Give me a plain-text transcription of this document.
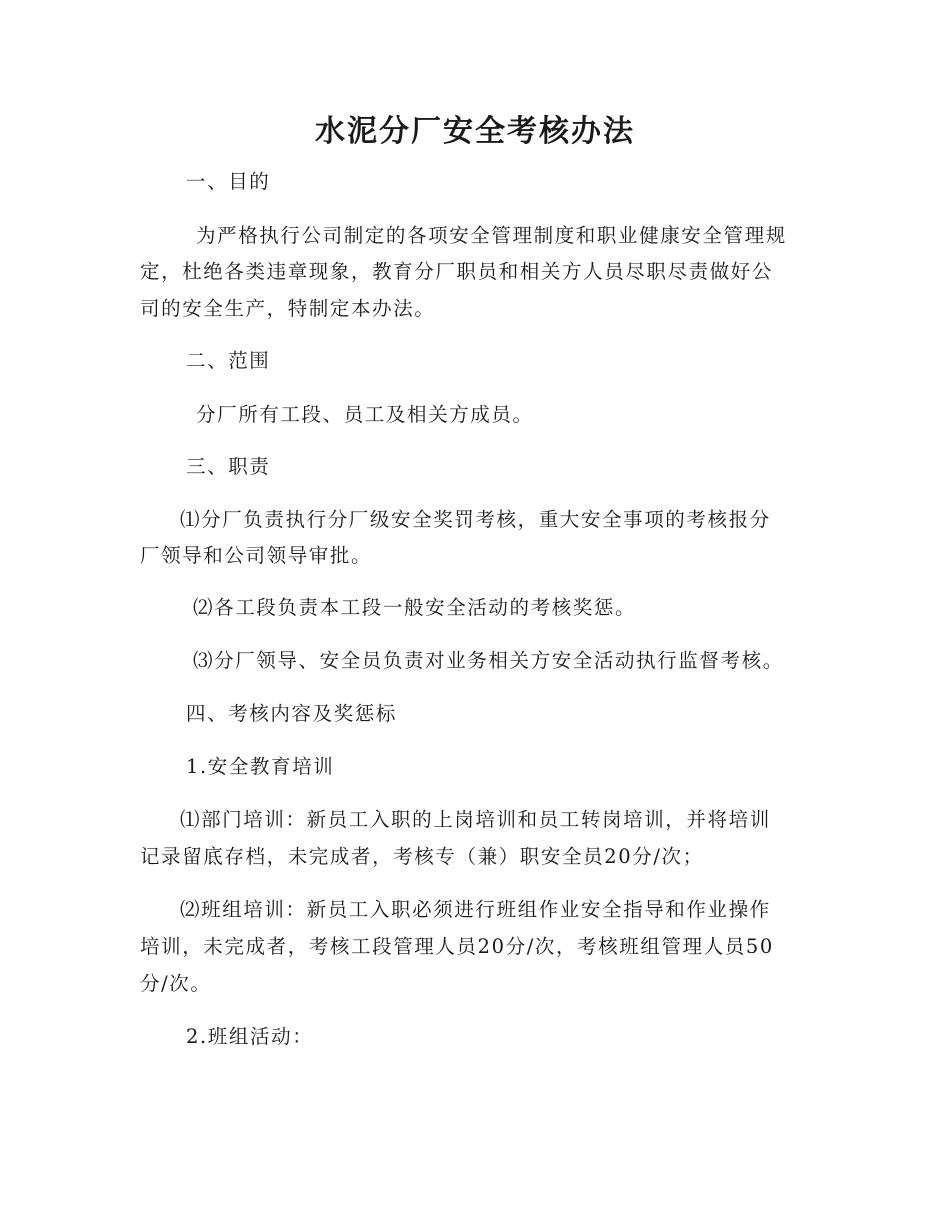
水泥分厂安全考核办法

一、目的

为严格执行公司制定的各项安全管理制度和职业健康安全管理规

定，杜绝各类违章现象，教育分厂职员和相关方人员尽职尽责做好公

司的安全生产，特制定本办法。

二、范围

分厂所有工段、员工及相关方成员。

三、职责

⑴分厂负责执行分厂级安全奖罚考核，重大安全事项的考核报分

厂领导和公司领导审批。

⑵各工段负责本工段一般安全活动的考核奖惩。

⑶分厂领导、安全员负责对业务相关方安全活动执行监督考核。

四、考核内容及奖惩标

1.安全教育培训

⑴部门培训：新员工入职的上岗培训和员工转岗培训，并将培训

记录留底存档，未完成者，考核专（兼）职安全员20分/次；

⑵班组培训：新员工入职必须进行班组作业安全指导和作业操作

培训，未完成者，考核工段管理人员20分/次，考核班组管理人员50

分/次。

2.班组活动：
